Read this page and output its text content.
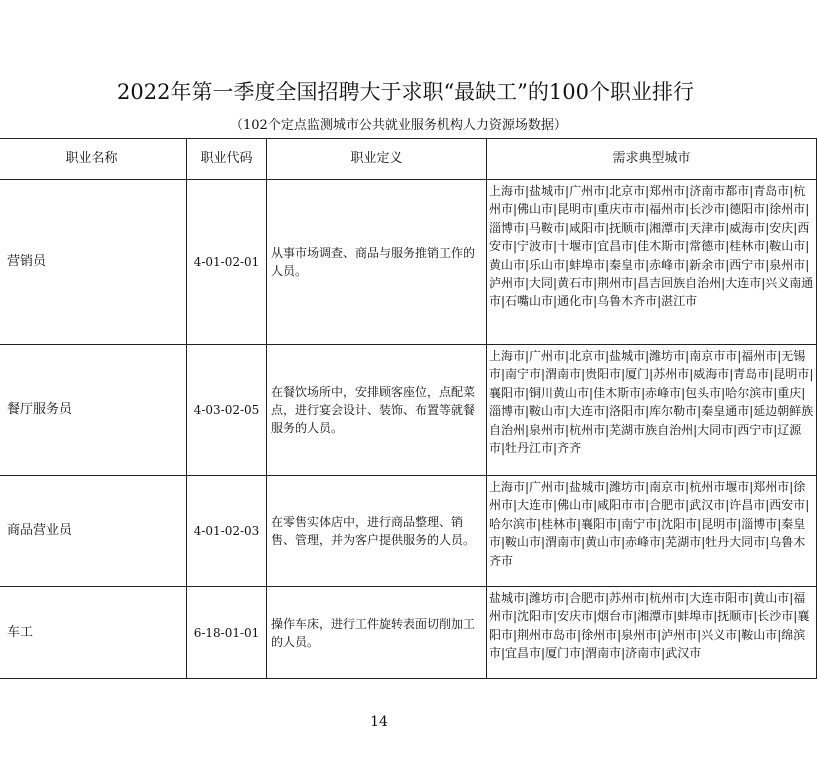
2022年第一季度全国招聘大于求职“最缺工”的100个职业排行
（102个定点监测城市公共就业服务机构人力资源场数据）
职业名称	职业代码	职业定义	需求典型城市
营销员	4-01-02-01	从事市场调查、商品与服务推销工作的人员。	上海市|盐城市|广州市|北京市|郑州市|济南市都市|青岛市|杭州市|佛山市|昆明市|重庆市市|福州市|长沙市|德阳市|徐州市|淄博市|马鞍市|咸阳市|抚顺市|湘潭市|天津市|威海市|安庆|西安市|宁波市|十堰市|宜昌市|佳木斯市|常德市|桂林市|鞍山市|黄山市|乐山市|蚌埠市|秦皇市|赤峰市|新余市|西宁市|泉州市|泸州市|大同|黄石市|荆州市|昌吉回族自治州|大连市|兴义南通市|石嘴山市|通化市|乌鲁木齐市|湛江市
餐厅服务员	4-03-02-05	在餐饮场所中，安排顾客座位，点配菜点，进行宴会设计、装饰、布置等就餐服务的人员。	上海市|广州市|北京市|盐城市|潍坊市|南京市市|福州市|无锡市|南宁市|渭南市|贵阳市|厦门|苏州市|威海市|青岛市|昆明市|襄阳市|铜川黄山市|佳木斯市|赤峰市|包头市|哈尔滨市|重庆|淄博市|鞍山市|大连市|洛阳市|库尔勒市|秦皇通市|延边朝鲜族自治州|泉州市|杭州市|芜湖市族自治州|大同市|西宁市|辽源市|牡丹江市|齐齐
商品营业员	4-01-02-03	在零售实体店中，进行商品整理、销售、管理，并为客户提供服务的人员。	上海市|广州市|盐城市|潍坊市|南京市|杭州市堰市|郑州市|徐州市|大连市|佛山市|咸阳市市|合肥市|武汉市|许昌市|西安市|哈尔滨市|桂林市|襄阳市|南宁市|沈阳市|昆明市|淄博市|秦皇市|鞍山市|渭南市|黄山市|赤峰市|芜湖市|牡丹大同市|乌鲁木齐市
车工	6-18-01-01	操作车床，进行工件旋转表面切削加工的人员。	盐城市|潍坊市|合肥市|苏州市|杭州市|大连市阳市|黄山市|福州市|沈阳市|安庆市|烟台市|湘潭市|蚌埠市|抚顺市|长沙市|襄阳市|荆州市岛市|徐州市|泉州市|泸州市|兴义市|鞍山市|绵滨市|宜昌市|厦门市|渭南市|济南市|武汉市
14
